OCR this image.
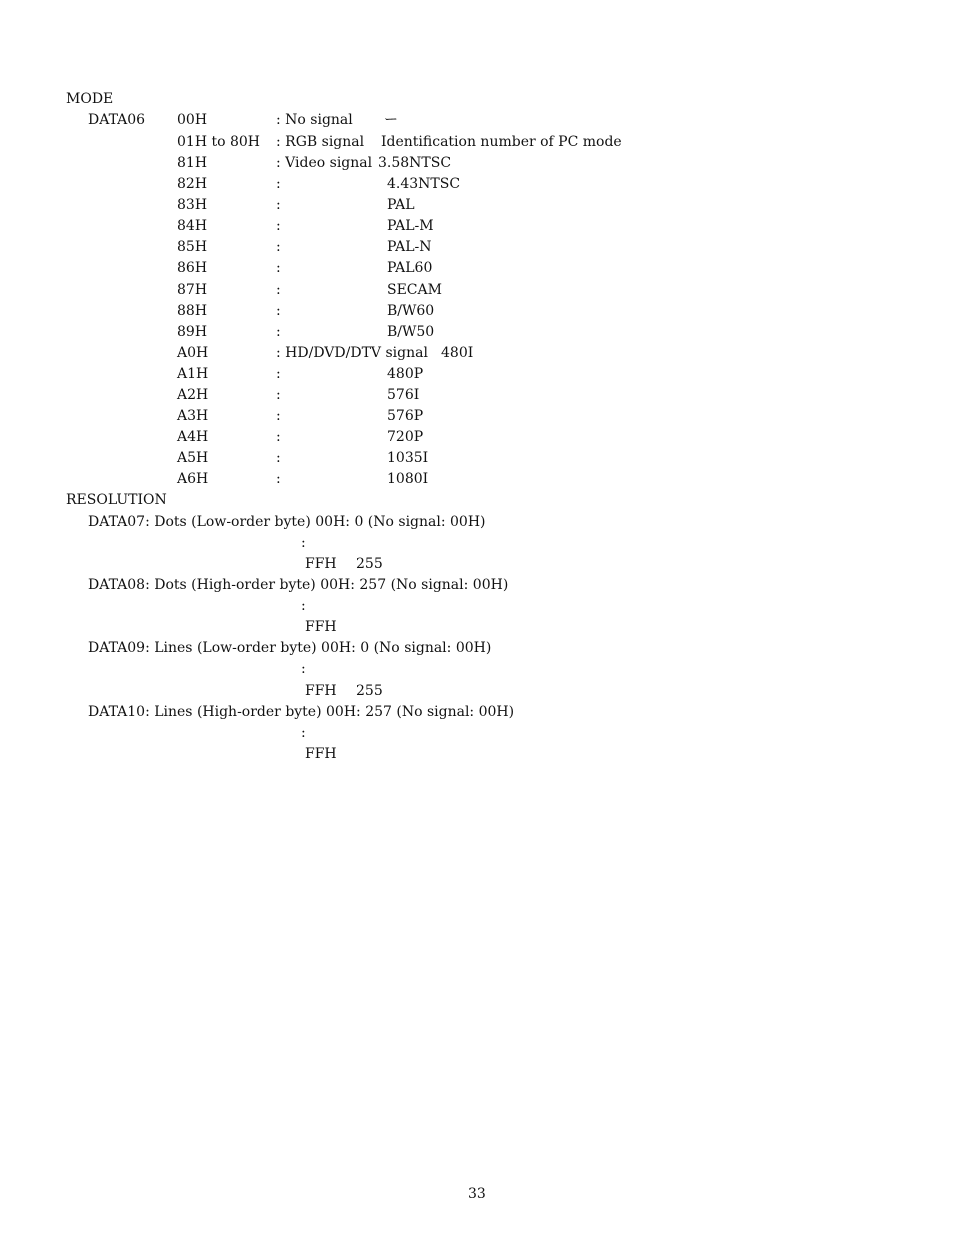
MODE
DATA06 00H	: No signal ー
01H to 80H : RGB signal Identification number of PC mode
81H	: Video signal 3.58NTSC
82H	:	4.43NTSC
83H	:	PAL
84H	:	PAL-M
85H	:	PAL-N
86H	:	PAL60
87H	:	SECAM
88H	:	B/W60
89H	:	B/W50
A0H	: HD/DVD/DTV signal 480I
A1H	:	480P
A2H	:	576I
A3H	:	576P
A4H	:	720P
A5H	:	1035I
A6H	:	1080I
RESOLUTION
DATA07: Dots (Low-order byte) 00H: 0 (No signal: 00H)
:
FFH 255
DATA08: Dots (High-order byte) 00H: 257 (No signal: 00H)
:
FFH
DATA09: Lines (Low-order byte) 00H: 0 (No signal: 00H)
:
FFH 255
DATA10: Lines (High-order byte) 00H: 257 (No signal: 00H)
:
FFH
33
